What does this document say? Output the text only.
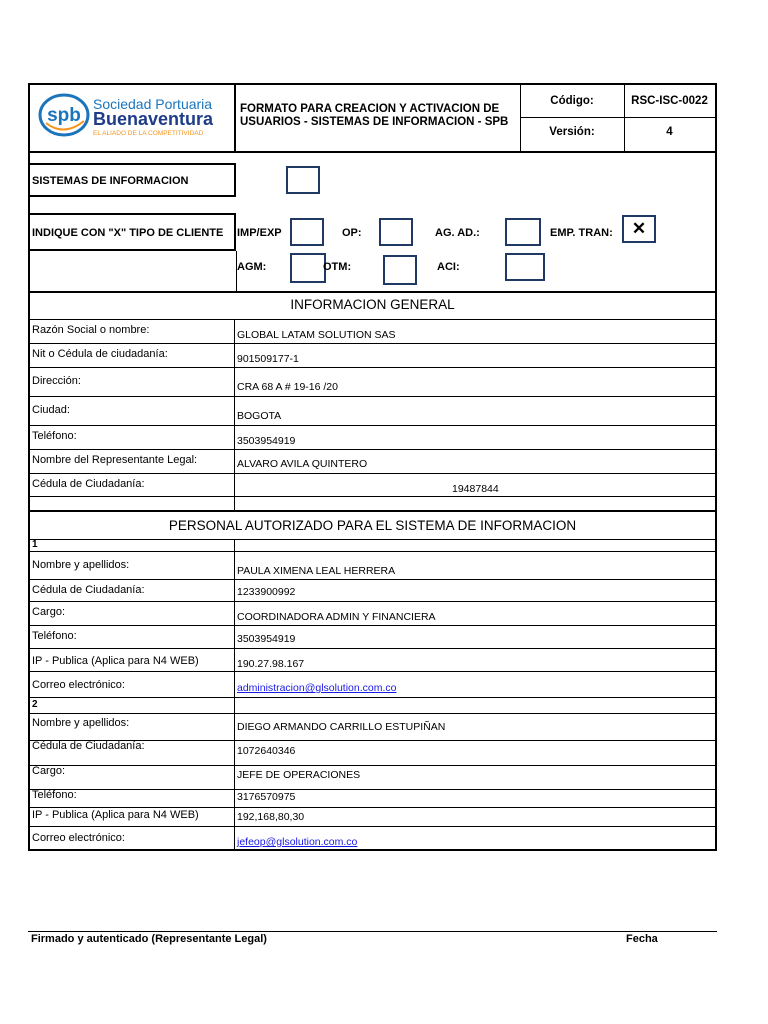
spb
Sociedad Portuaria
Buenaventura
EL ALIADO DE LA COMPETITIVIDAD
FORMATO PARA CREACION Y ACTIVACION DE USUARIOS - SISTEMAS DE INFORMACION - SPB
Código:	RSC-ISC-0022
Versión:	4
SISTEMAS DE INFORMACION
INDIQUE CON "X" TIPO DE CLIENTE IMP/EXP	OP:	AG. AD.:	EMP. TRAN:	✕
AGM:	OTM:	ACI:
INFORMACION GENERAL
Razón Social o nombre:	GLOBAL LATAM SOLUTION SAS
Nit o Cédula de ciudadanía:	901509177-1
Dirección:	CRA 68 A # 19-16 /20
Ciudad:	BOGOTA
Teléfono:	3503954919
Nombre del Representante Legal:	ALVARO AVILA QUINTERO
Cédula de Ciudadanía:	19487844
PERSONAL AUTORIZADO PARA EL SISTEMA DE INFORMACION
1
Nombre y apellidos:	PAULA XIMENA LEAL HERRERA
Cédula de Ciudadanía:	1233900992
Cargo:	COORDINADORA ADMIN Y FINANCIERA
Teléfono:	3503954919
IP - Publica (Aplica para N4 WEB)	190.27.98.167
Correo electrónico:	administracion@glsolution.com.co
2
Nombre y apellidos:	DIEGO ARMANDO CARRILLO ESTUPIÑAN
Cédula de Ciudadanía:	1072640346
Cargo:	JEFE DE OPERACIONES
Teléfono:	3176570975
IP - Publica (Aplica para N4 WEB)	192,168,80,30
Correo electrónico:	jefeop@glsolution.com.co
Firmado y autenticado (Representante Legal)	Fecha
